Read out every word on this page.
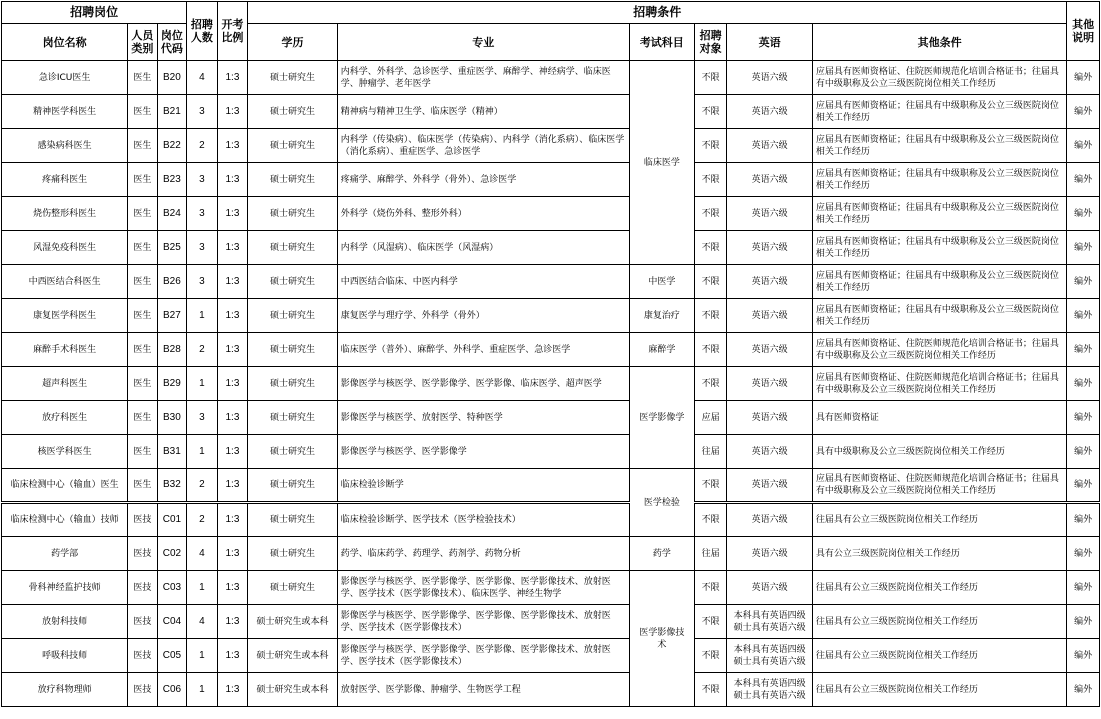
招聘岗位			招聘人数	开考比例	招聘条件						其他说明
岗位名称	人员类别	岗位代码			学历	专业	考试科目	招聘对象	英语	其他条件	
急诊ICU医生	医生	B20	4	1:3	硕士研究生	内科学、外科学、急诊医学、重症医学、麻醉学、神经病学、临床医学、肿瘤学、老年医学	临床医学	不限	英语六级	应届具有医师资格证、住院医师规范化培训合格证书；往届具有中级职称及公立三级医院岗位相关工作经历	编外
精神医学科医生	医生	B21	3	1:3	硕士研究生	精神病与精神卫生学、临床医学（精神）		不限	英语六级	应届具有医师资格证；往届具有中级职称及公立三级医院岗位相关工作经历	编外
感染病科医生	医生	B22	2	1:3	硕士研究生	内科学（传染病）、临床医学（传染病）、内科学（消化系病）、临床医学（消化系病）、重症医学、急诊医学		不限	英语六级	应届具有医师资格证；往届具有中级职称及公立三级医院岗位相关工作经历	编外
疼痛科医生	医生	B23	3	1:3	硕士研究生	疼痛学、麻醉学、外科学（骨外）、急诊医学		不限	英语六级	应届具有医师资格证；往届具有中级职称及公立三级医院岗位相关工作经历	编外
烧伤整形科医生	医生	B24	3	1:3	硕士研究生	外科学（烧伤外科、整形外科）		不限	英语六级	应届具有医师资格证；往届具有中级职称及公立三级医院岗位相关工作经历	编外
风湿免疫科医生	医生	B25	3	1:3	硕士研究生	内科学（风湿病）、临床医学（风湿病）		不限	英语六级	应届具有医师资格证；往届具有中级职称及公立三级医院岗位相关工作经历	编外
中西医结合科医生	医生	B26	3	1:3	硕士研究生	中西医结合临床、中医内科学	中医学	不限	英语六级	应届具有医师资格证；往届具有中级职称及公立三级医院岗位相关工作经历	编外
康复医学科医生	医生	B27	1	1:3	硕士研究生	康复医学与理疗学、外科学（骨外）	康复治疗	不限	英语六级	应届具有医师资格证；往届具有中级职称及公立三级医院岗位相关工作经历	编外
麻醉手术科医生	医生	B28	2	1:3	硕士研究生	临床医学（普外）、麻醉学、外科学、重症医学、急诊医学	麻醉学	不限	英语六级	应届具有医师资格证、住院医师规范化培训合格证书；往届具有中级职称及公立三级医院岗位相关工作经历	编外
超声科医生	医生	B29	1	1:3	硕士研究生	影像医学与核医学、医学影像学、医学影像、临床医学、超声医学	医学影像学	不限	英语六级	应届具有医师资格证、住院医师规范化培训合格证书；往届具有中级职称及公立三级医院岗位相关工作经历	编外
放疗科医生	医生	B30	3	1:3	硕士研究生	影像医学与核医学、放射医学、特种医学		应届	英语六级	具有医师资格证	编外
核医学科医生	医生	B31	1	1:3	硕士研究生	影像医学与核医学、医学影像学		往届	英语六级	具有中级职称及公立三级医院岗位相关工作经历	编外
临床检测中心（输血）医生	医生	B32	2	1:3	硕士研究生	临床检验诊断学	医学检验	不限	英语六级	应届具有医师资格证、住院医师规范化培训合格证书；往届具有中级职称及公立三级医院岗位相关工作经历	编外
临床检测中心（输血）技师	医技	C01	2	1:3	硕士研究生	临床检验诊断学、医学技术（医学检验技术）		不限	英语六级	往届具有公立三级医院岗位相关工作经历	编外
药学部	医技	C02	4	1:3	硕士研究生	药学、临床药学、药理学、药剂学、药物分析	药学	往届	英语六级	具有公立三级医院岗位相关工作经历	编外
骨科神经监护技师	医技	C03	1	1:3	硕士研究生	影像医学与核医学、医学影像学、医学影像、医学影像技术、放射医学、医学技术（医学影像技术）、临床医学、神经生物学	医学影像技术	不限	英语六级	往届具有公立三级医院岗位相关工作经历	编外
放射科技师	医技	C04	4	1:3	硕士研究生或本科	影像医学与核医学、医学影像学、医学影像、医学影像技术、放射医学、医学技术（医学影像技术）		不限	本科具有英语四级 硕士具有英语六级	往届具有公立三级医院岗位相关工作经历	编外
呼吸科技师	医技	C05	1	1:3	硕士研究生或本科	影像医学与核医学、医学影像学、医学影像、医学影像技术、放射医学、医学技术（医学影像技术）		不限	本科具有英语四级 硕士具有英语六级	往届具有公立三级医院岗位相关工作经历	编外
放疗科物理师	医技	C06	1	1:3	硕士研究生或本科	放射医学、医学影像、肿瘤学、生物医学工程		不限	本科具有英语四级 硕士具有英语六级	往届具有公立三级医院岗位相关工作经历	编外
